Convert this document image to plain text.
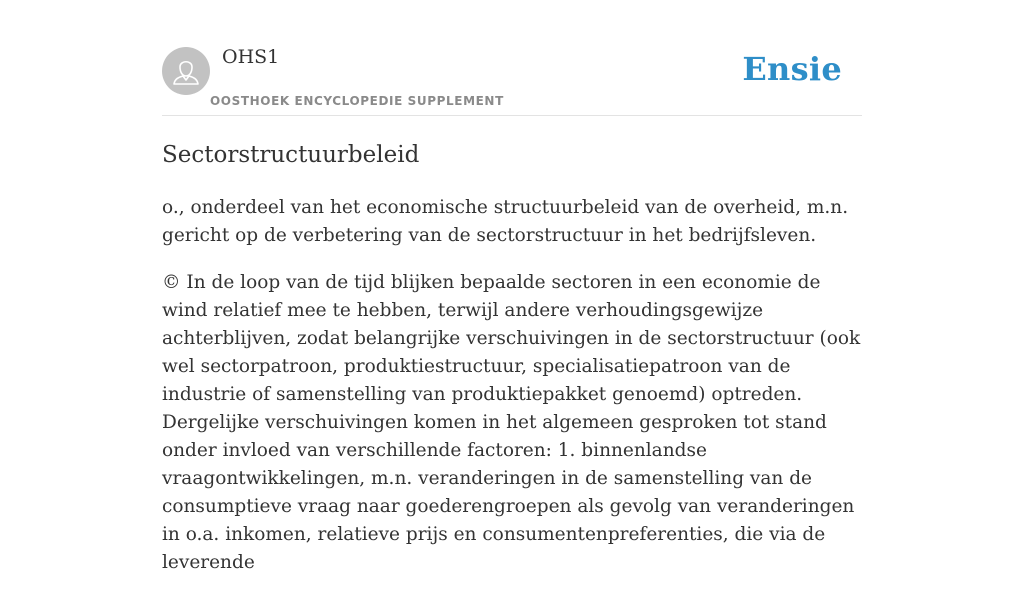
OHS1
OOSTHOEK ENCYCLOPEDIE SUPPLEMENT
Ensie
Sectorstructuurbeleid

o., onderdeel van het economische structuurbeleid van de overheid, m.n. gericht op de verbetering van de sectorstructuur in het bedrijfsleven.

© In de loop van de tijd blijken bepaalde sectoren in een economie de wind relatief mee te hebben, terwijl andere verhoudingsgewijze achterblijven, zodat belangrijke verschuivingen in de sectorstructuur (ook wel sectorpatroon, produktiestructuur, specialisatiepatroon van de industrie of samenstelling van produktiepakket genoemd) optreden. Dergelijke verschuivingen komen in het algemeen gesproken tot stand onder invloed van verschillende factoren: 1. binnenlandse vraagontwikkelingen, m.n. veranderingen in de samenstelling van de consumptieve vraag naar goederengroepen als gevolg van veranderingen in o.a. inkomen, relatieve prijs en consumentenpreferenties, die via de leverende
